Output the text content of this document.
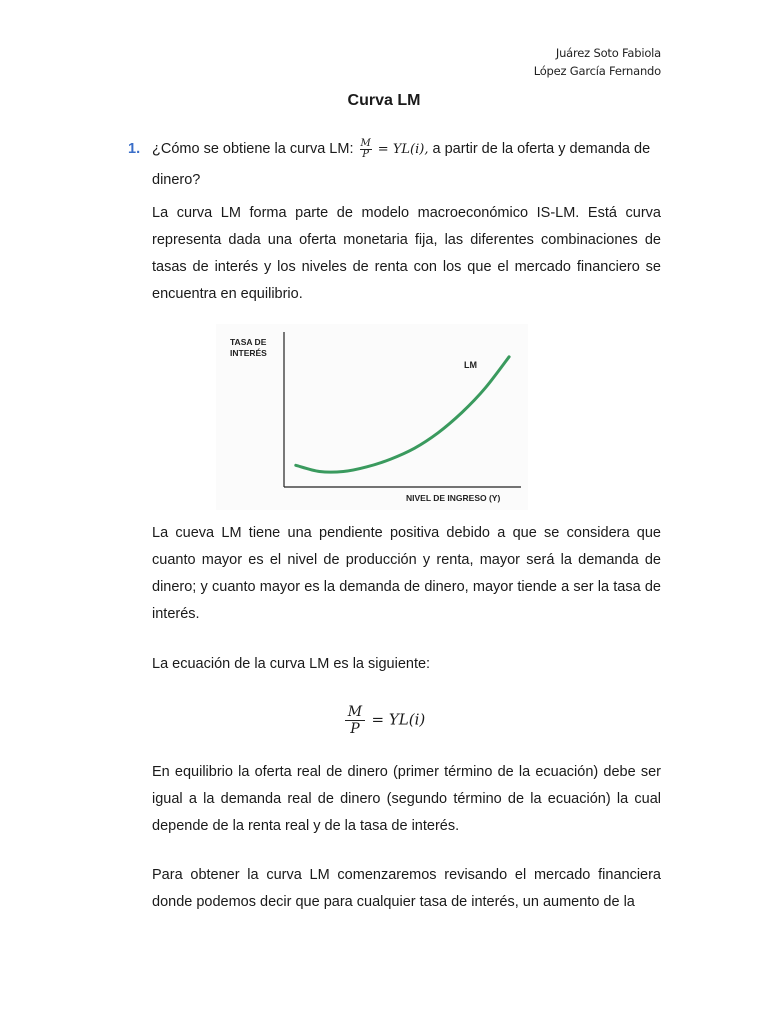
Juárez Soto Fabiola
López García Fernando
Curva LM
1. ¿Cómo se obtiene la curva LM: $\frac{M}{P} = YL(i)$, a partir de la oferta y demanda de dinero?
La curva LM forma parte de modelo macroeconómico IS-LM. Está curva representa dada una oferta monetaria fija, las diferentes combinaciones de tasas de interés y los niveles de renta con los que el mercado financiero se encuentra en equilibrio.
TASA DE
INTERÉS
NIVEL DE INGRESO (Y)
LM
La cueva LM tiene una pendiente positiva debido a que se considera que cuanto mayor es el nivel de producción y renta, mayor será la demanda de dinero; y cuanto mayor es la demanda de dinero, mayor tiende a ser la tasa de interés.
La ecuación de la curva LM es la siguiente:
$\frac{M}{P} = YL(i)$
En equilibrio la oferta real de dinero (primer término de la ecuación) debe ser igual a la demanda real de dinero (segundo término de la ecuación) la cual depende de la renta real y de la tasa de interés.
Para obtener la curva LM comenzaremos revisando el mercado financiera donde podemos decir que para cualquier tasa de interés, un aumento de la
